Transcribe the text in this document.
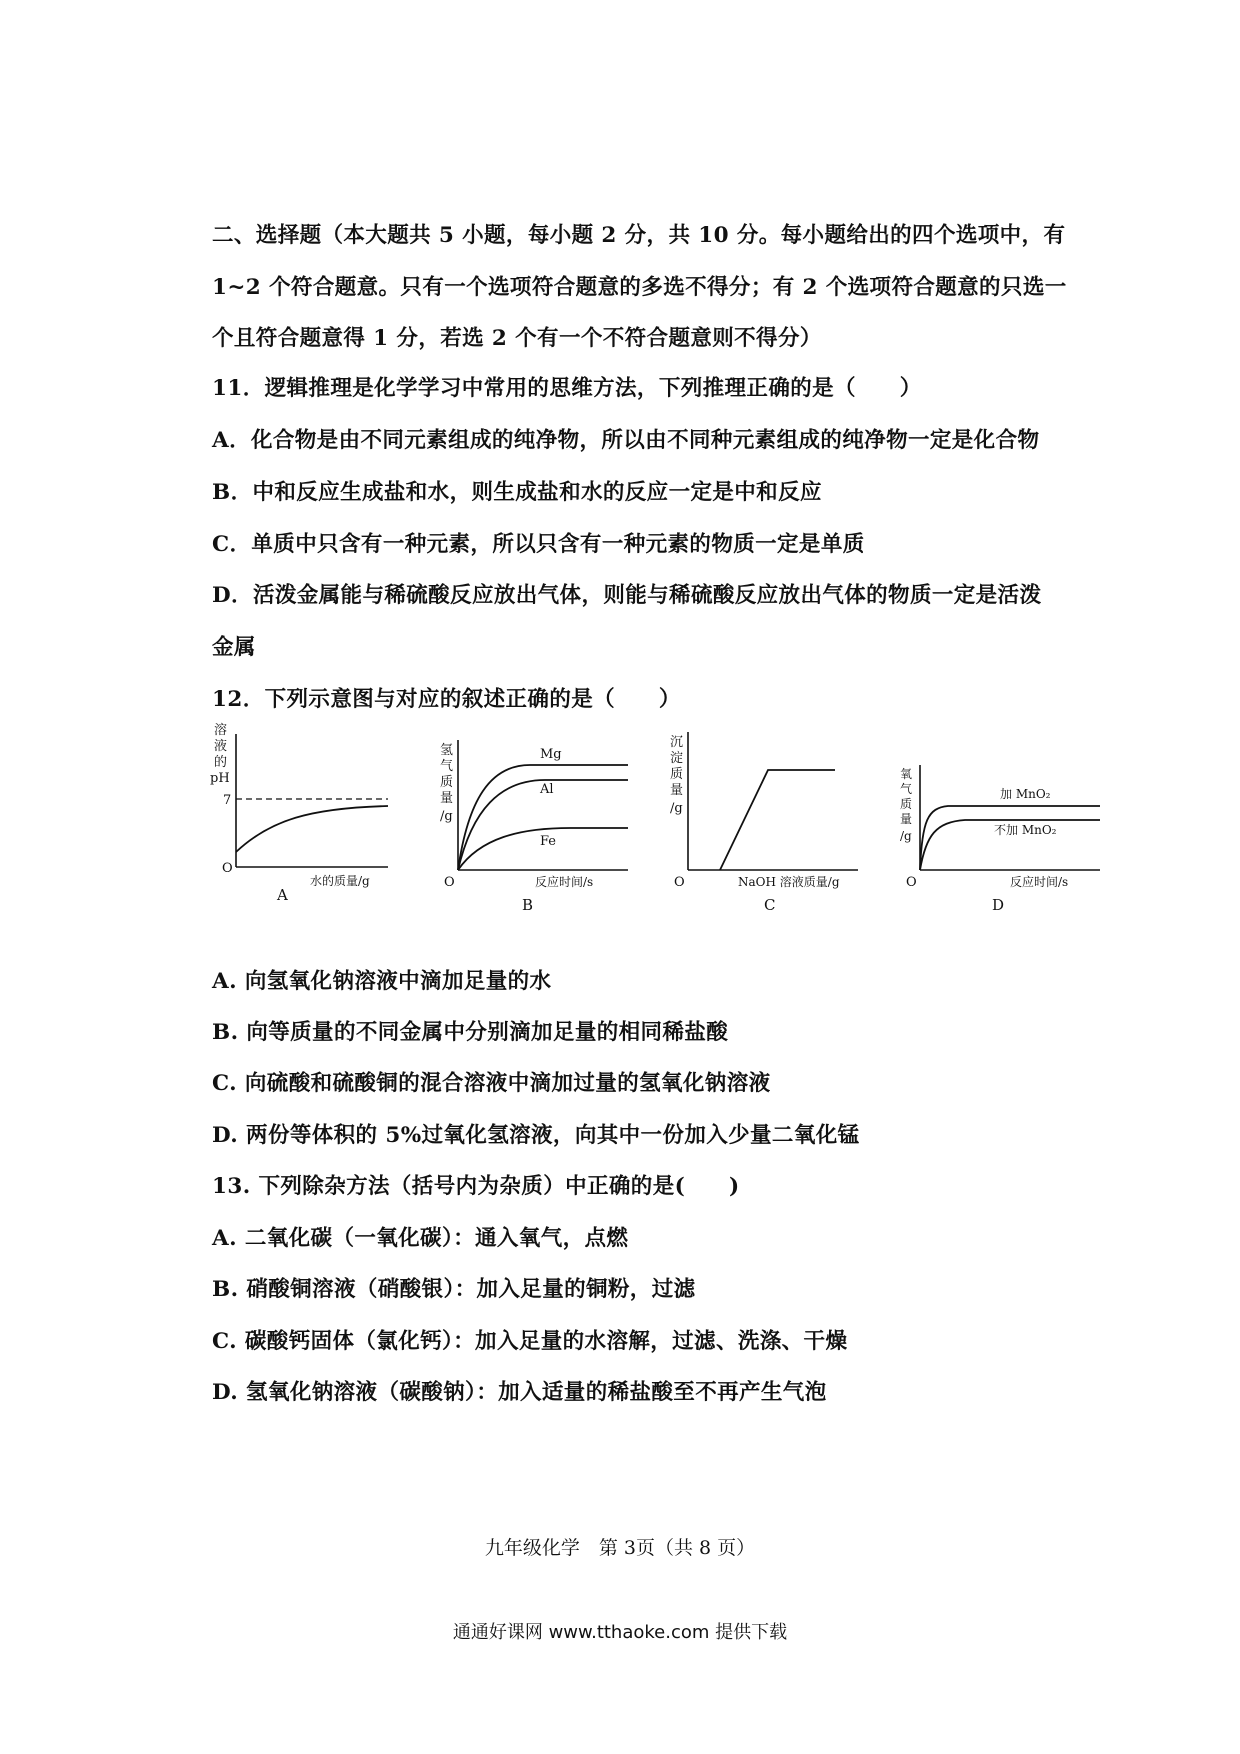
二、选择题（本大题共 5 小题，每小题 2 分，共 10 分。每小题给出的四个选项中，有
1~2 个符合题意。只有一个选项符合题意的多选不得分；有 2 个选项符合题意的只选一
个且符合题意得 1 分，若选 2 个有一个不符合题意则不得分）
11．逻辑推理是化学学习中常用的思维方法，下列推理正确的是（　　）
A．化合物是由不同元素组成的纯净物，所以由不同种元素组成的纯净物一定是化合物
B．中和反应生成盐和水，则生成盐和水的反应一定是中和反应
C．单质中只含有一种元素，所以只含有一种元素的物质一定是单质
D．活泼金属能与稀硫酸反应放出气体，则能与稀硫酸反应放出气体的物质一定是活泼
金属
12．下列示意图与对应的叙述正确的是（　　）
溶
液
的
pH
7
O
水的质量/g
A
氢
气
质
量
/g
Mg
Al
Fe
O	反应时间/s
B
沉
淀
质
量
/g
O	NaOH 溶液质量/g
C
氧
气
质
量
/g
加 MnO₂
不加 MnO₂
O	反应时间/s
D
A. 向氢氧化钠溶液中滴加足量的水
B. 向等质量的不同金属中分别滴加足量的相同稀盐酸
C. 向硫酸和硫酸铜的混合溶液中滴加过量的氢氧化钠溶液
D. 两份等体积的 5%过氧化氢溶液，向其中一份加入少量二氧化锰
13. 下列除杂方法（括号内为杂质）中正确的是(　　)
A. 二氧化碳（一氧化碳）：通入氧气，点燃
B. 硝酸铜溶液（硝酸银）：加入足量的铜粉，过滤
C. 碳酸钙固体（氯化钙）：加入足量的水溶解，过滤、洗涤、干燥
D. 氢氧化钠溶液（碳酸钠）：加入适量的稀盐酸至不再产生气泡
九年级化学　第 3页（共 8 页）
通通好课网 www.tthaoke.com 提供下载
